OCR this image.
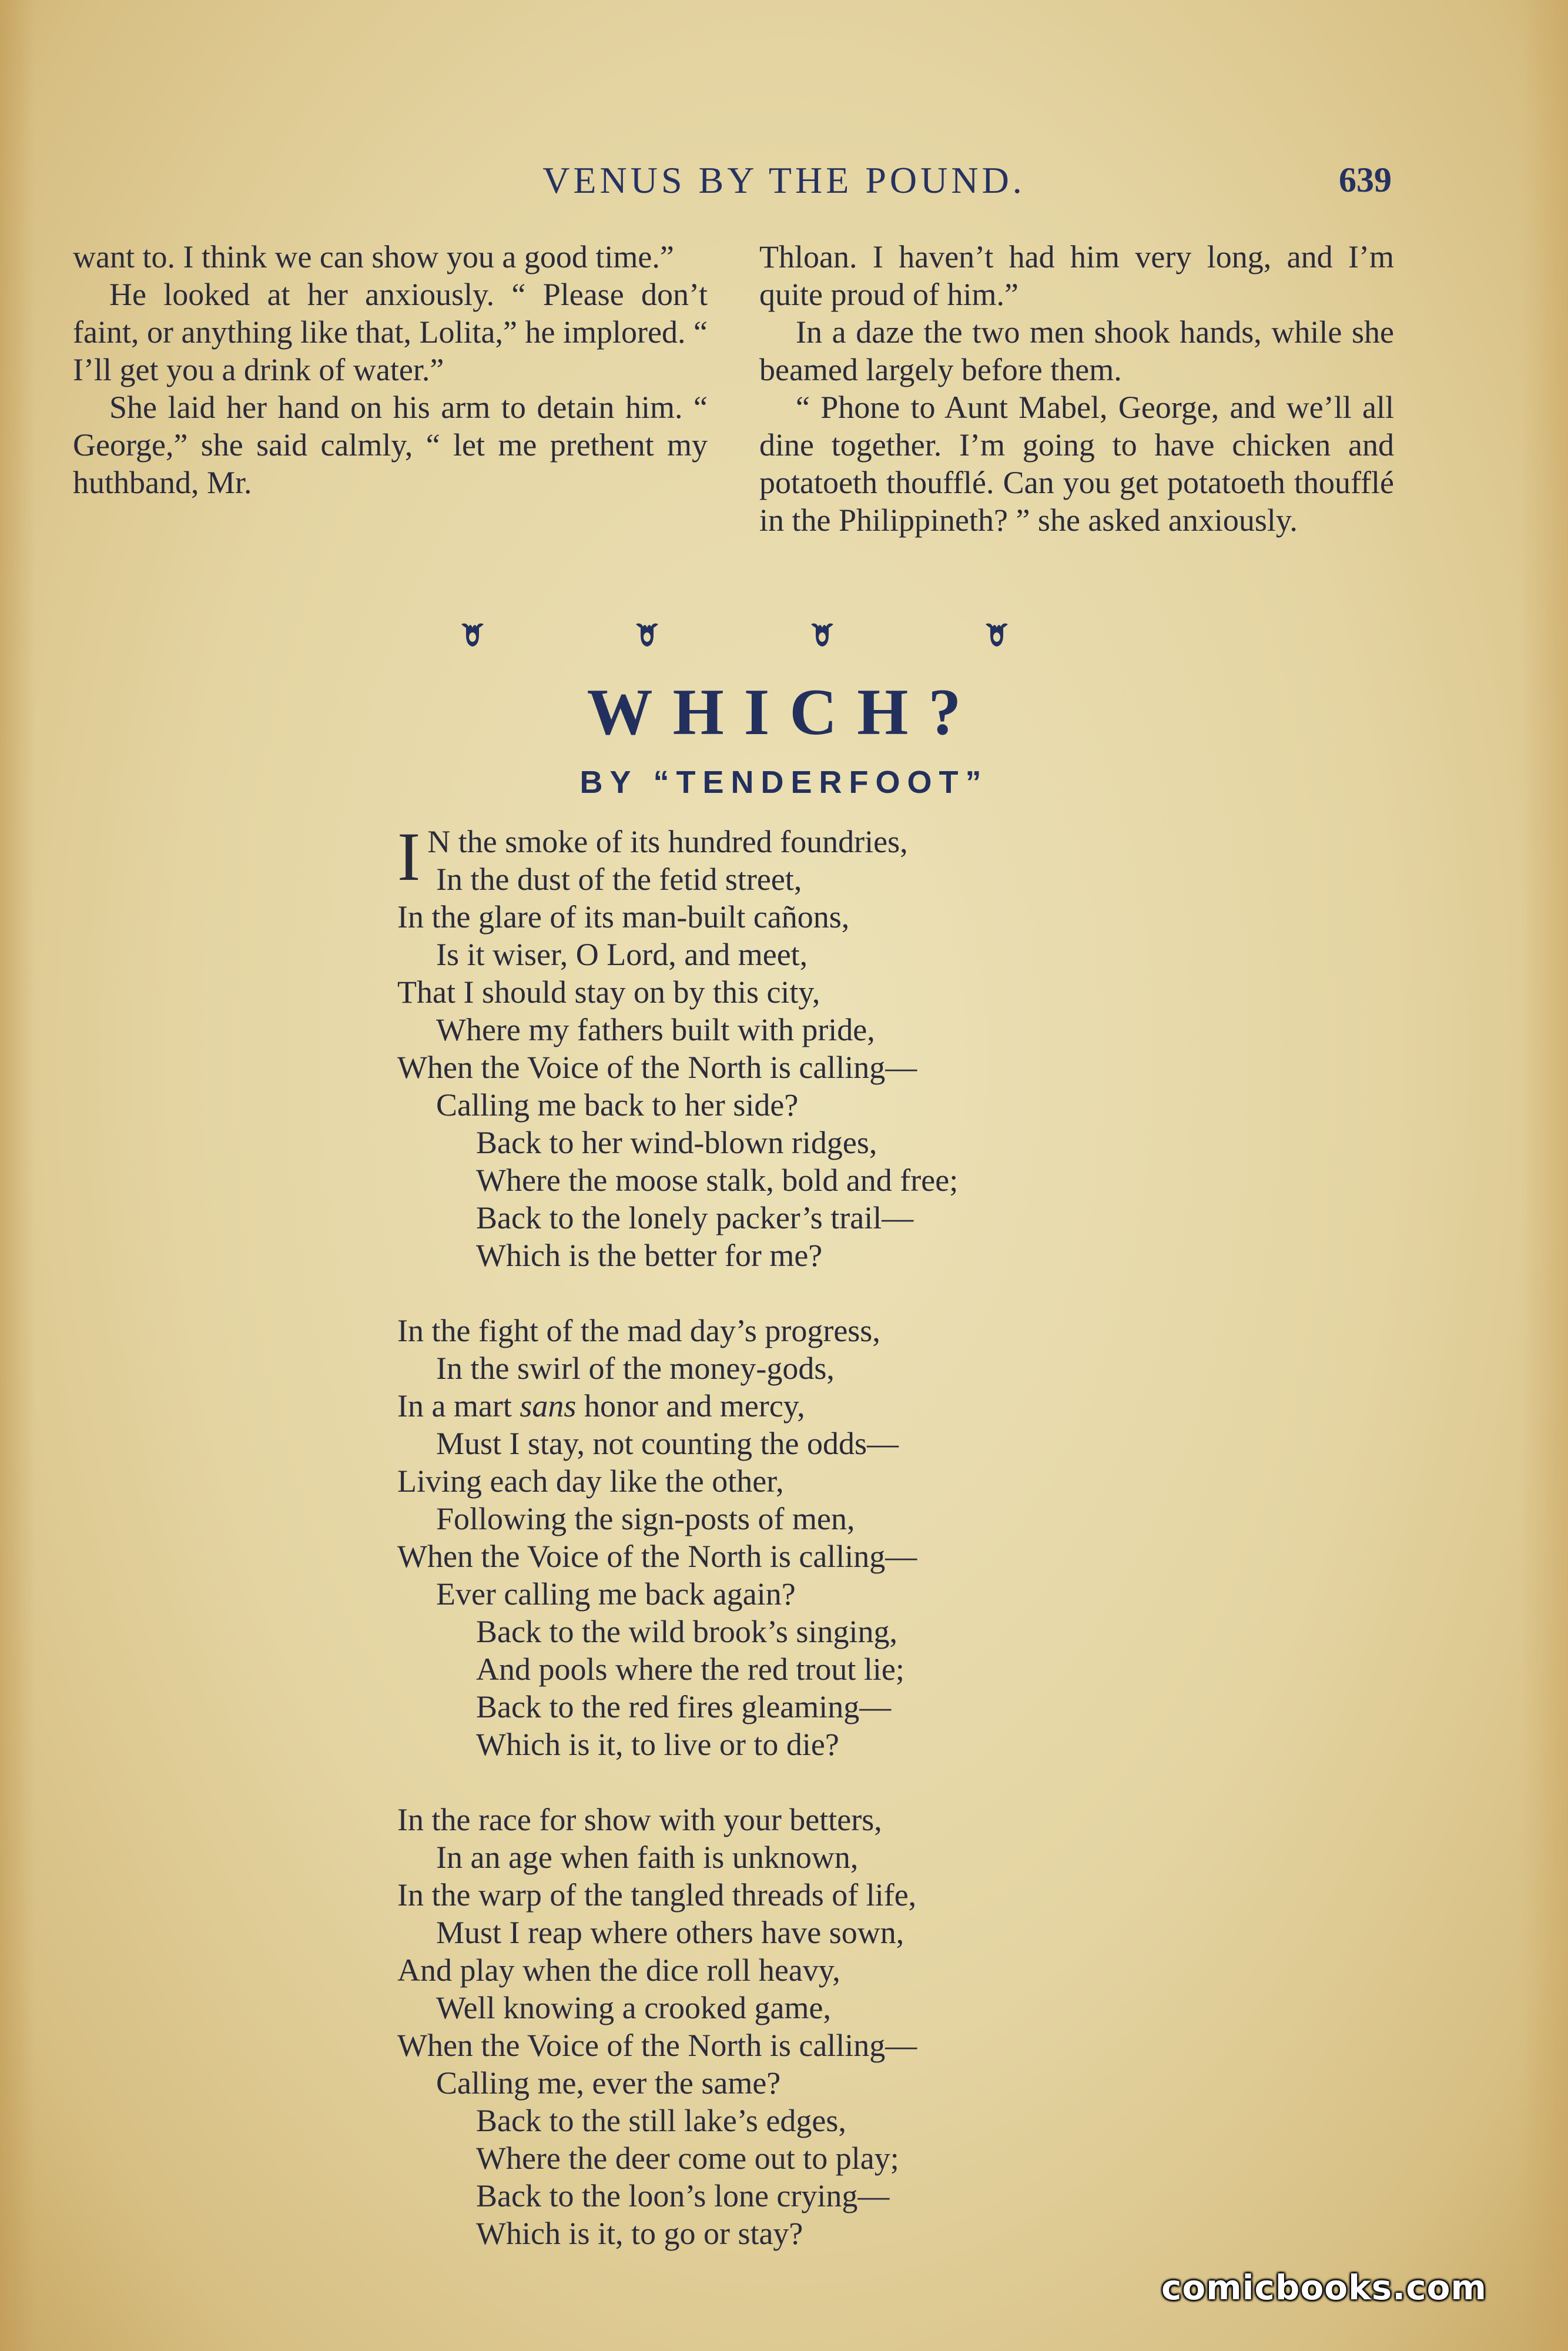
VENUS BY THE POUND.	639

want to. I think we can show you a good time.”

He looked at her anxiously. “ Please don’t faint, or anything like that, Lolita,” he implored. “ I’ll get you a drink of water.”

She laid her hand on his arm to detain him. “ George,” she said calmly, “ let me prethent my huthband, Mr.

Thloan. I haven’t had him very long, and I’m quite proud of him.”

In a daze the two men shook hands, while she beamed largely before them.

“ Phone to Aunt Mabel, George, and we’ll all dine together. I’m going to have chicken and potatoeth thoufflé. Can you get potatoeth thoufflé in the Philippineth? ” she asked anxiously.

WHICH?
BY “TENDERFOOT”
I N the smoke of its hundred foundries,
In the dust of the fetid street,
In the glare of its man-built cañons,
Is it wiser, O Lord, and meet,
That I should stay on by this city,
Where my fathers built with pride,
When the Voice of the North is calling—
Calling me back to her side?
Back to her wind-blown ridges,
Where the moose stalk, bold and free;
Back to the lonely packer’s trail—
Which is the better for me?
In the fight of the mad day’s progress,
In the swirl of the money-gods,
In a mart sans honor and mercy,
Must I stay, not counting the odds—
Living each day like the other,
Following the sign-posts of men,
When the Voice of the North is calling—
Ever calling me back again?
Back to the wild brook’s singing,
And pools where the red trout lie;
Back to the red fires gleaming—
Which is it, to live or to die?
In the race for show with your betters,
In an age when faith is unknown,
In the warp of the tangled threads of life,
Must I reap where others have sown,
And play when the dice roll heavy,
Well knowing a crooked game,
When the Voice of the North is calling—
Calling me, ever the same?
Back to the still lake’s edges,
Where the deer come out to play;
Back to the loon’s lone crying—
Which is it, to go or stay?
comicbooks.com
